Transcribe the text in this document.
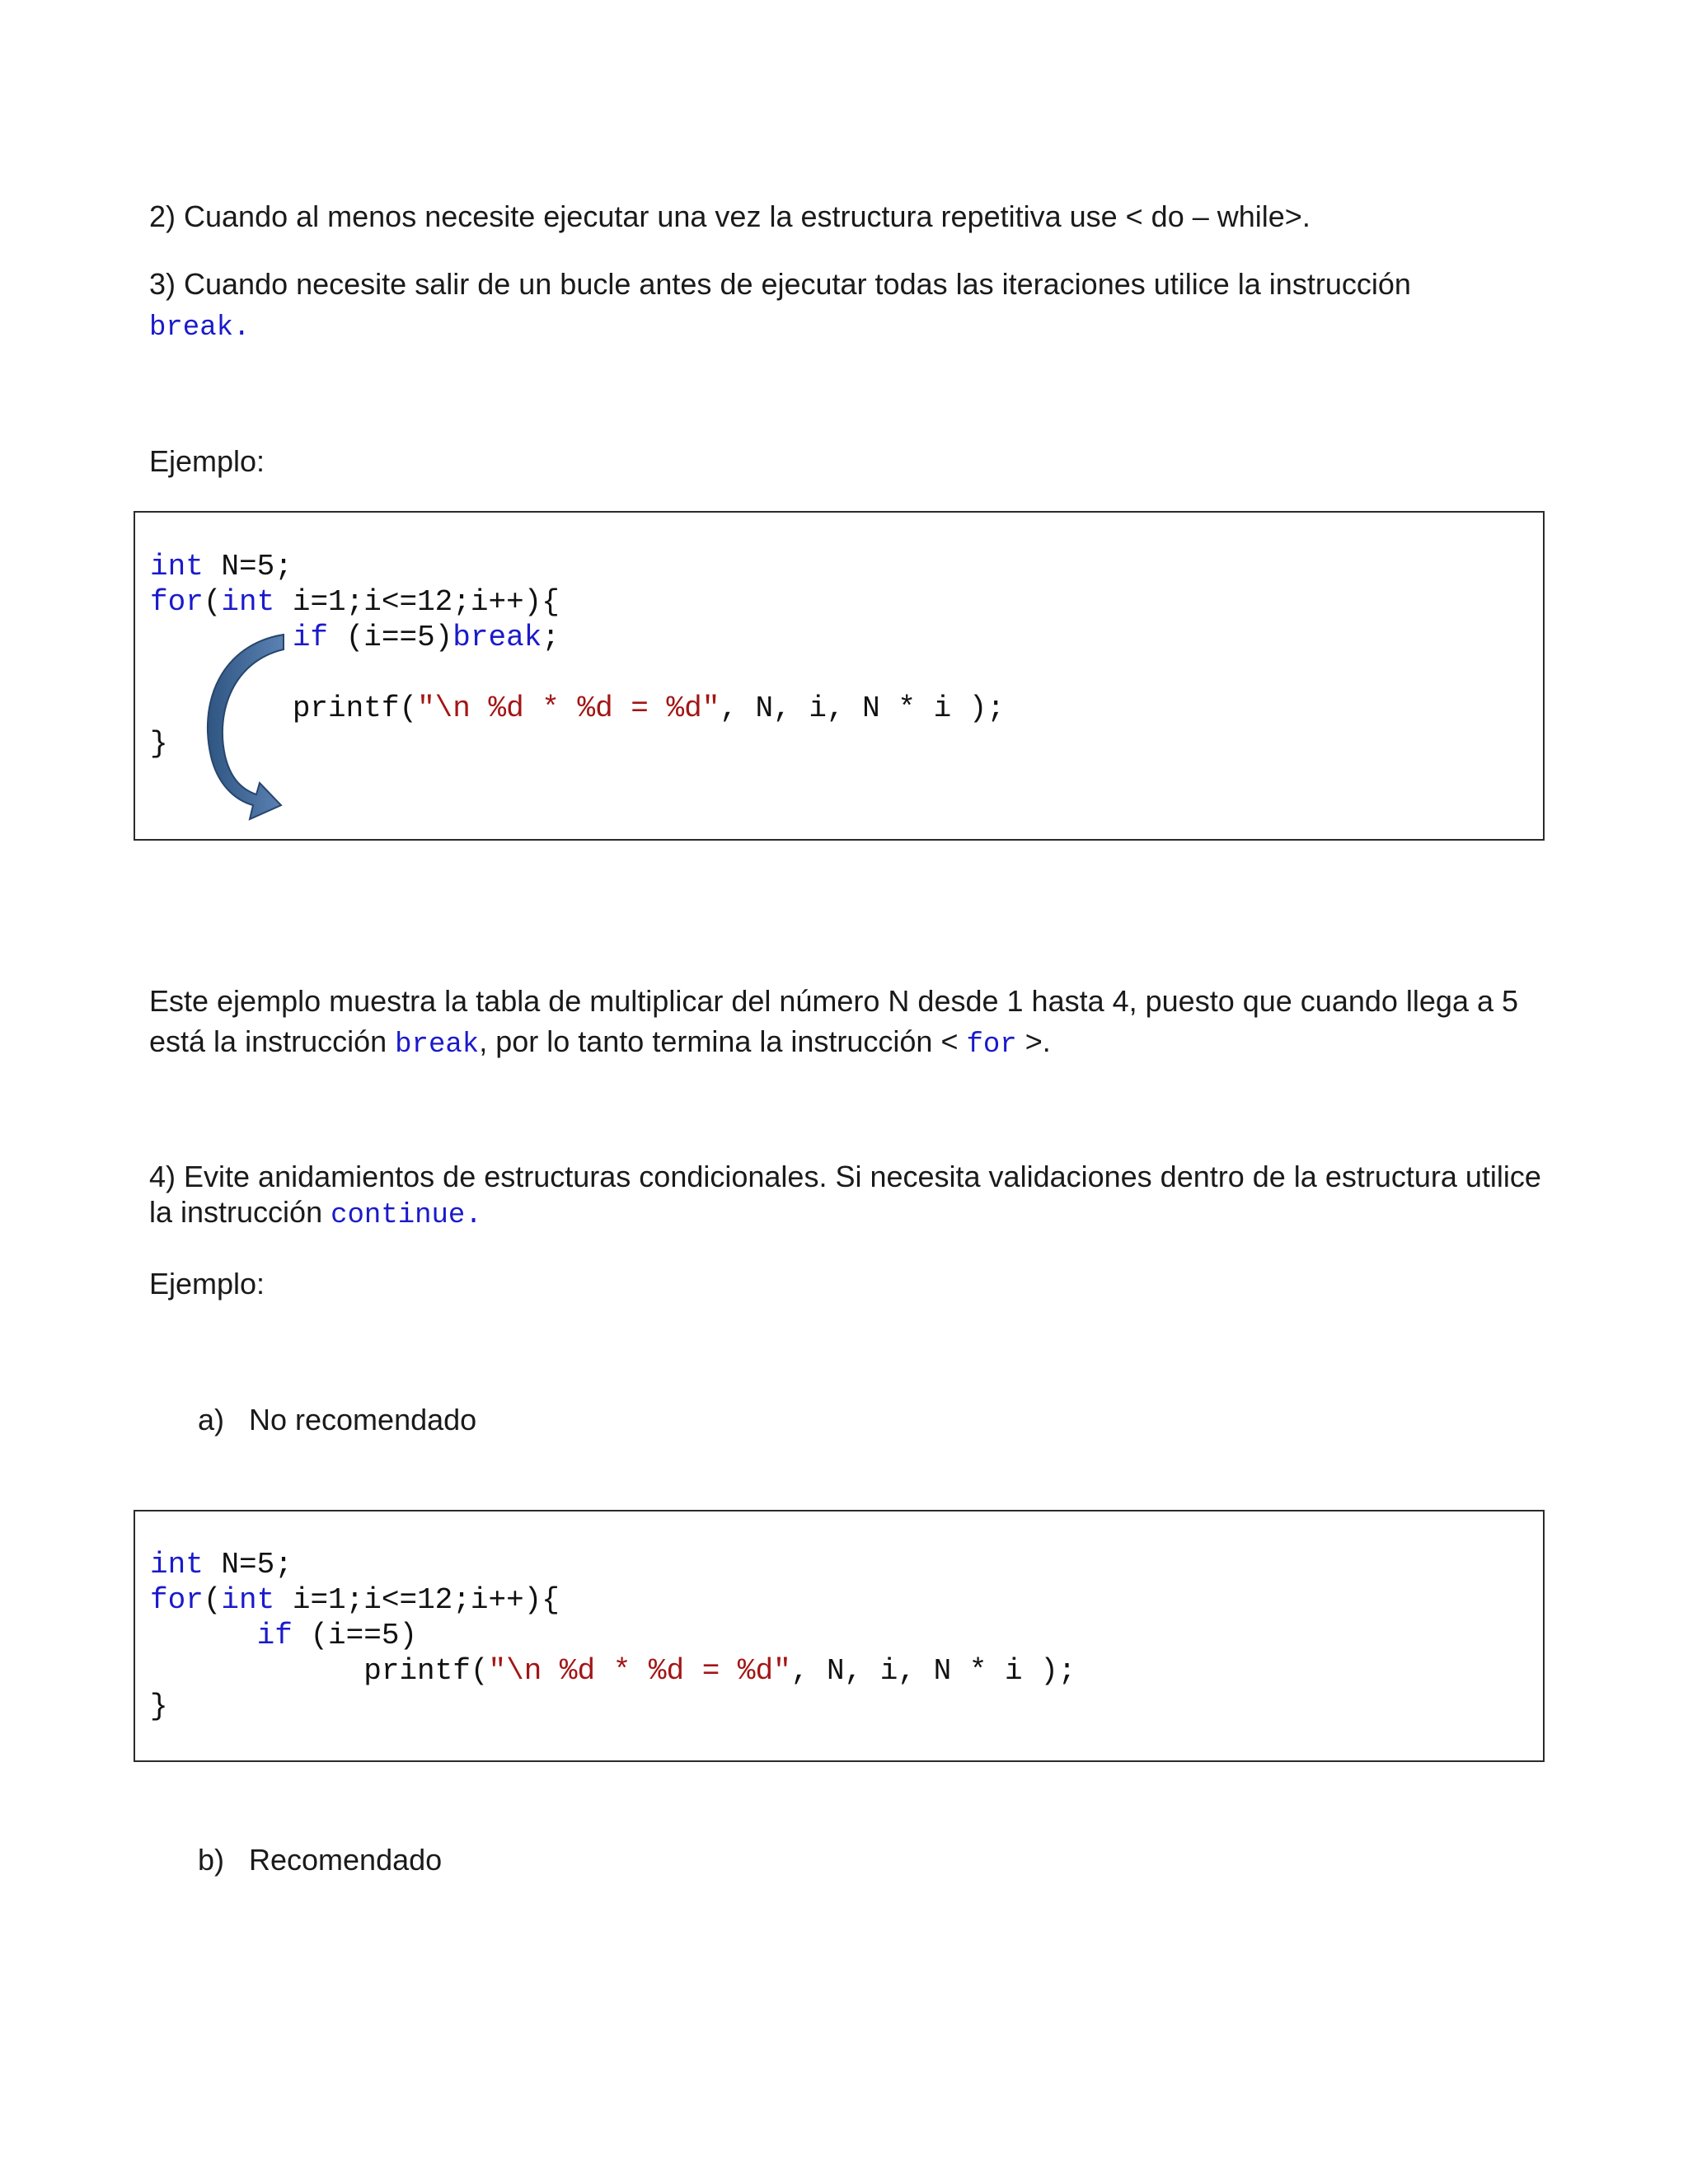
2) Cuando al menos necesite ejecutar una vez la estructura repetitiva use < do – while>.

3) Cuando necesite salir de un bucle antes de ejecutar todas las iteraciones utilice la instrucción
break.

Ejemplo:

int N=5;
for(int i=1;i<=12;i++){
if (i==5)break;

printf("\n %d * %d = %d", N, i, N * i );
}

Este ejemplo muestra la tabla de multiplicar del número N desde 1 hasta 4, puesto que cuando llega a 5 está la instrucción break, por lo tanto termina la instrucción < for >.

4) Evite anidamientos de estructuras condicionales. Si necesita validaciones dentro de la estructura utilice la instrucción continue.

Ejemplo:

a) No recomendado
int N=5;
for(int i=1;i<=12;i++){
if (i==5)
printf("\n %d * %d = %d", N, i, N * i );
}
b) Recomendado
